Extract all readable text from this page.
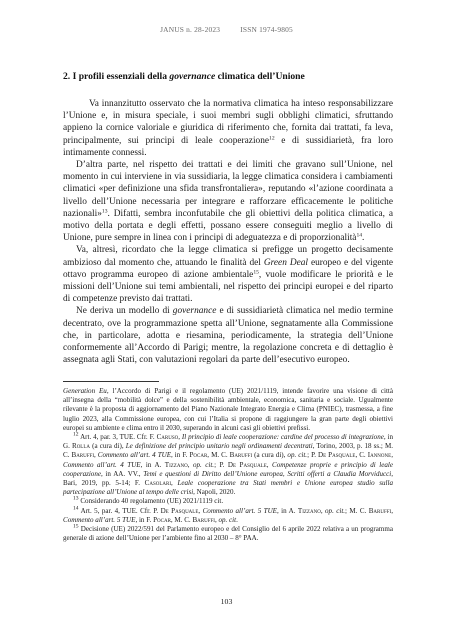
JANUS n. 28-2023	ISSN 1974-9805
2. I profili essenziali della governance climatica dell’Unione

Va innanzitutto osservato che la normativa climatica ha inteso responsabilizzare l’Unione e, in misura speciale, i suoi membri sugli obblighi climatici, sfruttando appieno la cornice valoriale e giuridica di riferimento che, fornita dai trattati, fa leva, principalmente, sui principi di leale cooperazione$^{12}$ e di sussidiarietà, fra loro intimamente connessi.

D’altra parte, nel rispetto dei trattati e dei limiti che gravano sull’Unione, nel momento in cui interviene in via sussidiaria, la legge climatica considera i cambiamenti climatici «per definizione una sfida transfrontaliera», reputando «l’azione coordinata a livello dell’Unione necessaria per integrare e rafforzare efficacemente le politiche nazionali»$^{13}$. Difatti, sembra inconfutabile che gli obiettivi della politica climatica, a motivo della portata e degli effetti, possano essere conseguiti meglio a livello di Unione, pure sempre in linea con i principi di adeguatezza e di proporzionalità$^{14}$.

Va, altresì, ricordato che la legge climatica si prefigge un progetto decisamente ambizioso dal momento che, attuando le finalità del Green Deal europeo e del vigente ottavo programma europeo di azione ambientale$^{15}$, vuole modificare le priorità e le missioni dell’Unione sui temi ambientali, nel rispetto dei principi europei e del riparto di competenze previsto dai trattati.

Ne deriva un modello di governance e di sussidiarietà climatica nel medio termine decentrato, ove la programmazione spetta all’Unione, segnatamente alla Commissione che, in particolare, adotta e riesamina, periodicamente, la strategia dell’Unione conformemente all’Accordo di Parigi; mentre, la regolazione concreta e di dettaglio è assegnata agli Stati, con valutazioni regolari da parte dell’esecutivo europeo.

Generation Eu, l’Accordo di Parigi e il regolamento (UE) 2021/1119, intende favorire una visione di città all’insegna della “mobilità dolce” e della sostenibilità ambientale, economica, sanitaria e sociale. Ugualmente rilevante è la proposta di aggiornamento del Piano Nazionale Integrato Energia e Clima (PNIEC), trasmessa, a fine luglio 2023, alla Commissione europea, con cui l’Italia si propone di raggiungere la gran parte degli obiettivi europei su ambiente e clima entro il 2030, superando in alcuni casi gli obiettivi prefissi.

$^{12}$ Art. 4, par. 3, TUE. Cfr. F. Caruso, Il principio di leale cooperazione: cardine del processo di integrazione, in G. Rolla (a cura di), Le definizione del principio unitario negli ordinamenti decentrati, Torino, 2003, p. 18 ss.; M. C. Baruffi, Commento all’art. 4 TUE, in F. Pocar, M. C. Baruffi (a cura di), op. cit.; P. De Pasquale, C. Iannone, Commento all’art. 4 TUE, in A. Tizzano, op. cit.; P. De Pasquale, Competenze proprie e principio di leale cooperazione, in AA. VV., Temi e questioni di Diritto dell’Unione europea, Scritti offerti a Claudia Morviducci, Bari, 2019, pp. 5-14; F. Casolari, Leale cooperazione tra Stati membri e Unione europea studio sulla partecipazione all’Unione al tempo delle crisi, Napoli, 2020.

$^{13}$ Considerando 40 regolamento (UE) 2021/1119 cit.

$^{14}$ Art. 5, par. 4, TUE. Cfr. P. De Pasquale, Commento all’art. 5 TUE, in A. Tizzano, op. cit.; M. C. Baruffi, Commento all’art. 5 TUE, in F. Pocar, M. C. Baruffi, op. cit.

$^{15}$ Decisione (UE) 2022/591 del Parlamento europeo e del Consiglio del 6 aprile 2022 relativa a un programma generale di azione dell’Unione per l’ambiente fino al 2030 – 8° PAA.

103
